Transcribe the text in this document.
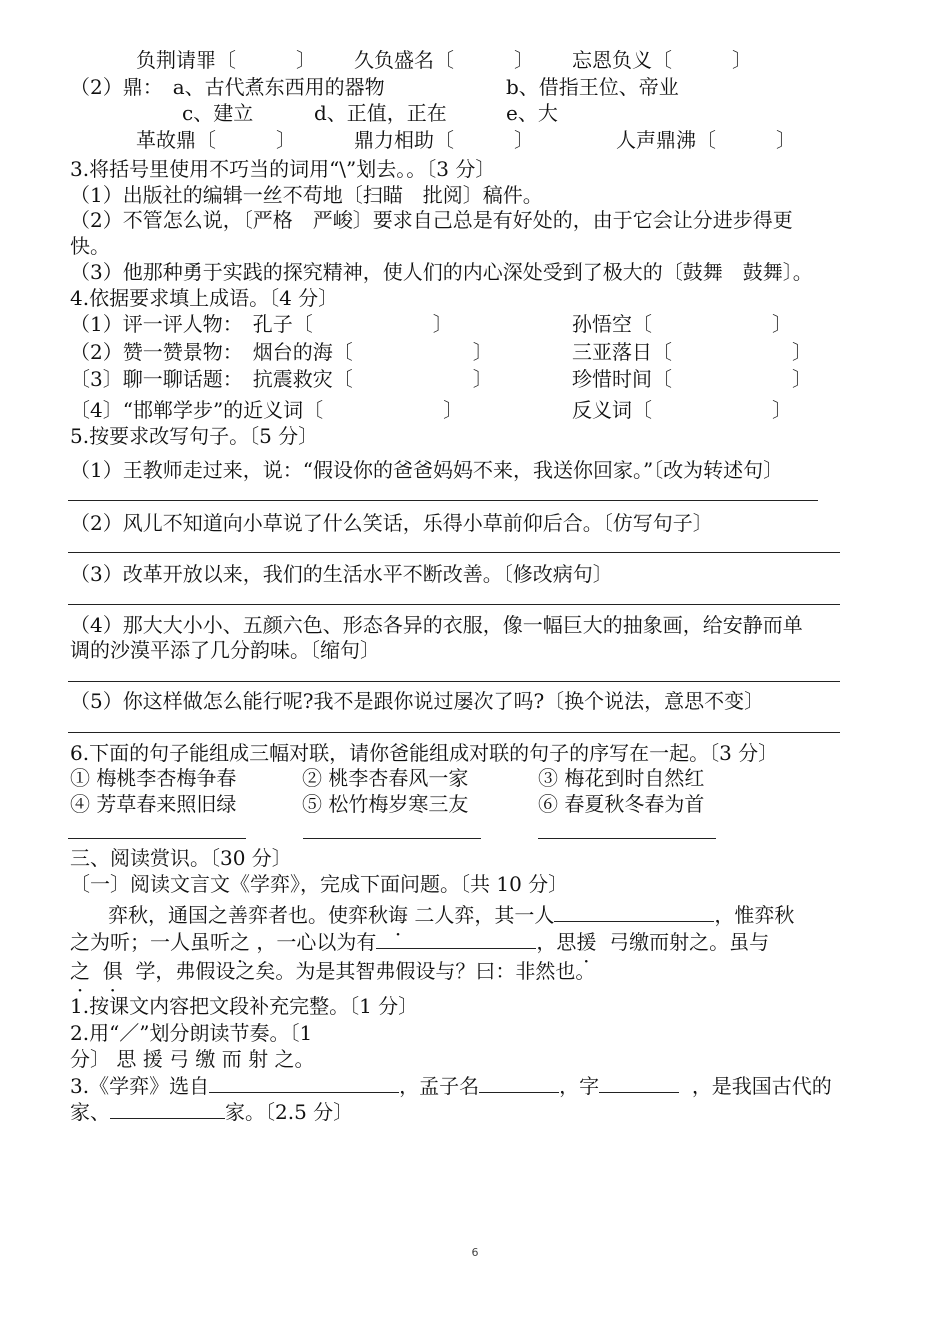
负荆请罪〔　　　〕 久负盛名〔　　　〕 忘恩负义〔　　　〕
（2）鼎：　a、古代煮东西用的器物	b、借指王位、帝业
c、建立	d、正值，正在	e、大
革故鼎〔　　　〕	鼎力相助〔　　　〕	人声鼎沸〔　　　〕
3.将括号里使用不巧当的词用“\”划去。。〔3 分〕
（1）出版社的编辑一丝不苟地〔扫瞄　批阅〕稿件。
（2）不管怎么说，〔严格　严峻〕要求自己总是有好处的，由于它会让分进步得更
快。
（3）他那种勇于实践的探究精神，使人们的内心深处受到了极大的〔鼓舞　鼓舞〕。
4.依据要求填上成语。〔4 分〕
（1）评一评人物：　孔子〔　　　　　　〕	孙悟空〔　　　　　　〕
（2）赞一赞景物：　烟台的海〔　　　　　　〕	三亚落日〔　　　　　　〕
〔3〕聊一聊话题：　抗震救灾〔　　　　　　〕	珍惜时间〔　　　　　　〕
〔4〕“邯郸学步”的近义词〔　　　　　　〕	反义词〔　　　　　　〕
5.按要求改写句子。〔5 分〕
（1）王教师走过来，说：“假设你的爸爸妈妈不来，我送你回家。”〔改为转述句〕
（2）风儿不知道向小草说了什么笑话，乐得小草前仰后合。〔仿写句子〕
（3）改革开放以来，我们的生活水平不断改善。〔修改病句〕
（4）那大大小小、五颜六色、形态各异的衣服，像一幅巨大的抽象画，给安静而单
调的沙漠平添了几分韵味。〔缩句〕
（5）你这样做怎么能行呢?我不是跟你说过屡次了吗?〔换个说法，意思不变〕
6.下面的句子能组成三幅对联，请你爸能组成对联的句子的序写在一起。〔3 分〕
① 梅桃李杏梅争春	② 桃李杏春风一家	③ 梅花到时自然红
④ 芳草春来照旧绿	⑤ 松竹梅岁寒三友	⑥ 春夏秋冬春为首
三、阅读赏识。〔30 分〕
〔一〕阅读文言文《学弈》，完成下面问题。〔共 10 分〕
弈秋，通国之善弈者也。使弈秋诲 二人弈，其一人	，惟弈秋
之为听；一人虽听之 ，一心以为有	，思援 弓缴而射之。虽与
之 俱 学，弗假设之矣。为是其智弗假设与？曰：非然也。
1.按课文内容把文段补充完整。〔1 分〕
2.用“／”划分朗读节奏。〔1
分〕 思 援 弓 缴 而 射 之。
3.《学弈》选自	，孟子名	，字	，是我国古代的
家、	家。〔2.5 分〕
6
